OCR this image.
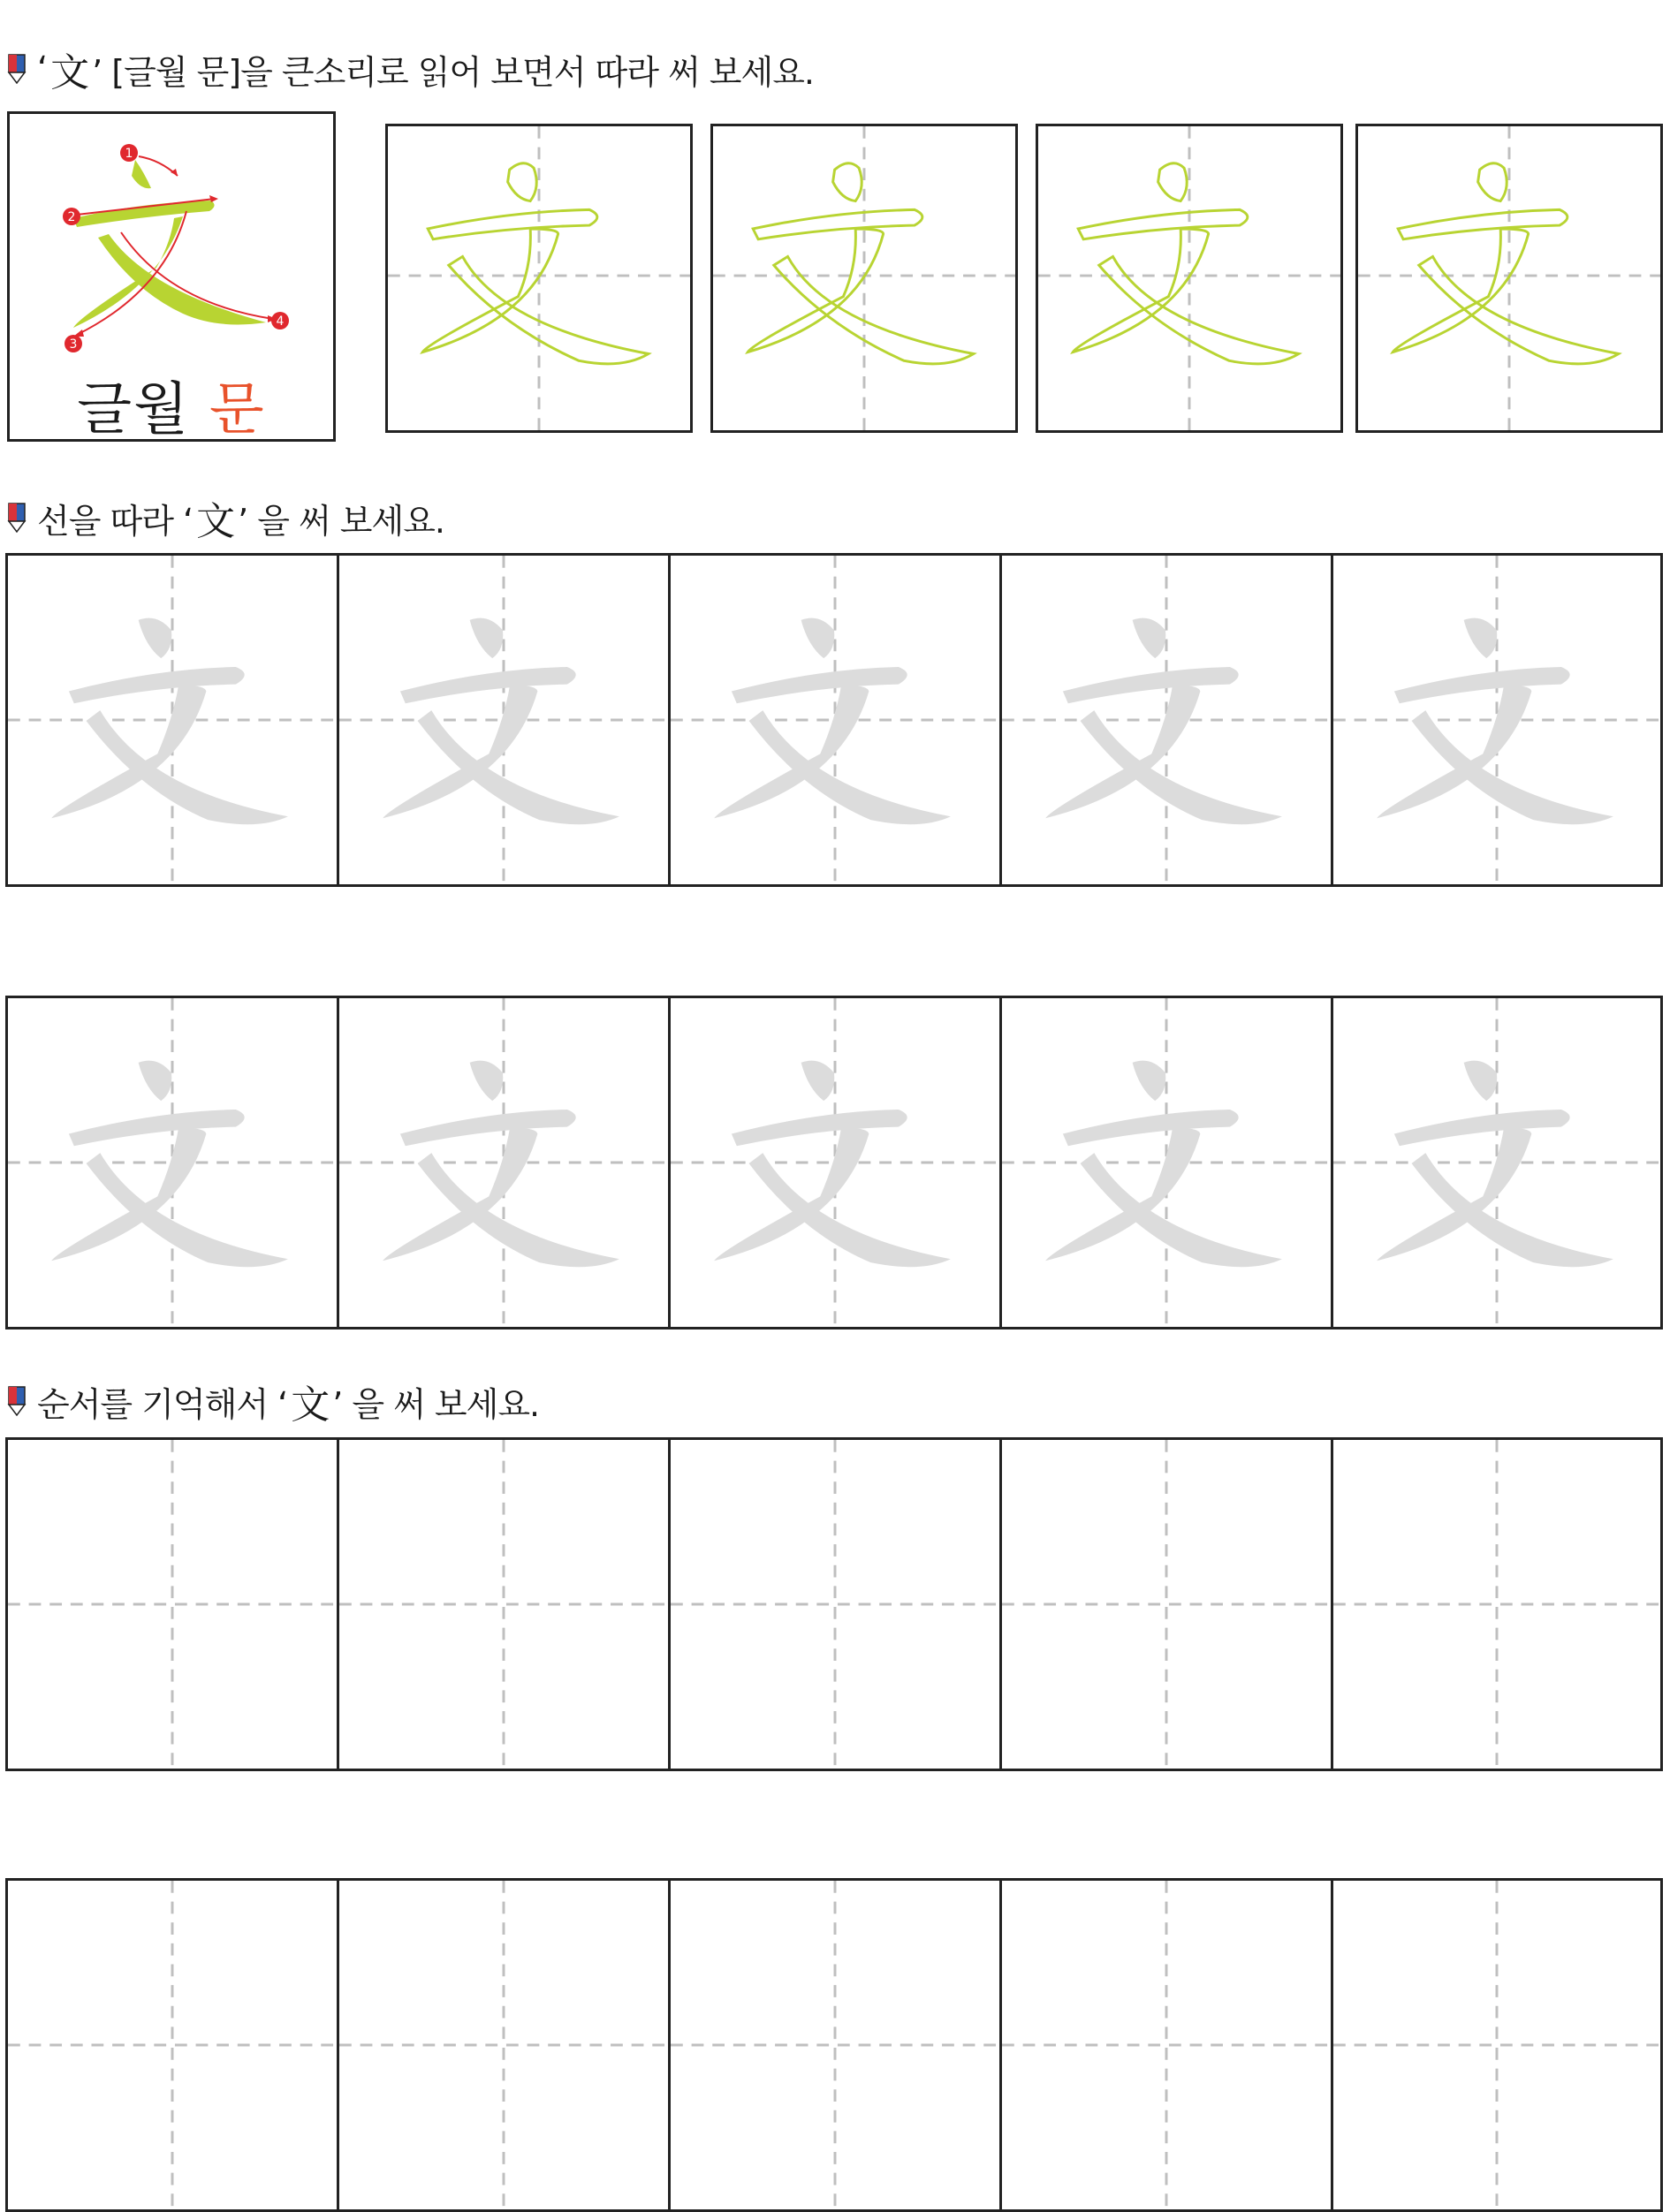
‘ 文 ’ [글월 문]을 큰소리로 읽어 보면서 따라 써 보세요.
1
2
3
4
글월 문
선을 따라 ‘ 文 ’ 을 써 보세요.
순서를 기억해서 ‘ 文 ’ 을 써 보세요.
